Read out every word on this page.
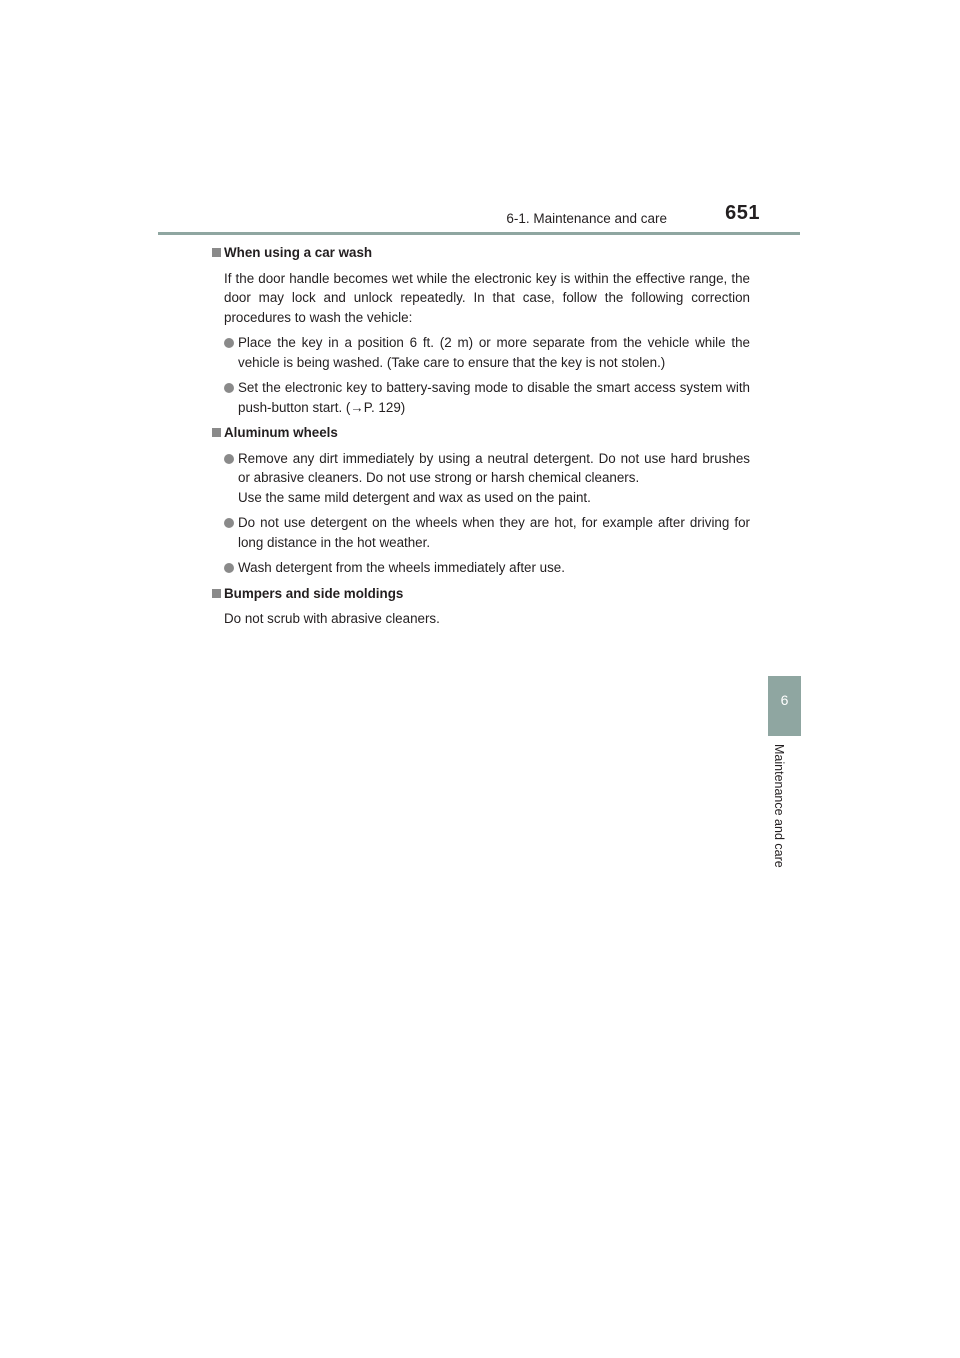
6-1. Maintenance and care	651
6
Maintenance and care
When using a car wash
If the door handle becomes wet while the electronic key is within the effective range, the door may lock and unlock repeatedly. In that case, follow the following correction procedures to wash the vehicle:
Place the key in a position 6 ft. (2 m) or more separate from the vehicle while the vehicle is being washed. (Take care to ensure that the key is not stolen.)
Set the electronic key to battery-saving mode to disable the smart access system with push-button start. (→P. 129)
Aluminum wheels
Remove any dirt immediately by using a neutral detergent. Do not use hard brushes or abrasive cleaners. Do not use strong or harsh chemical cleaners.
Use the same mild detergent and wax as used on the paint.
Do not use detergent on the wheels when they are hot, for example after driving for long distance in the hot weather.
Wash detergent from the wheels immediately after use.
Bumpers and side moldings
Do not scrub with abrasive cleaners.
